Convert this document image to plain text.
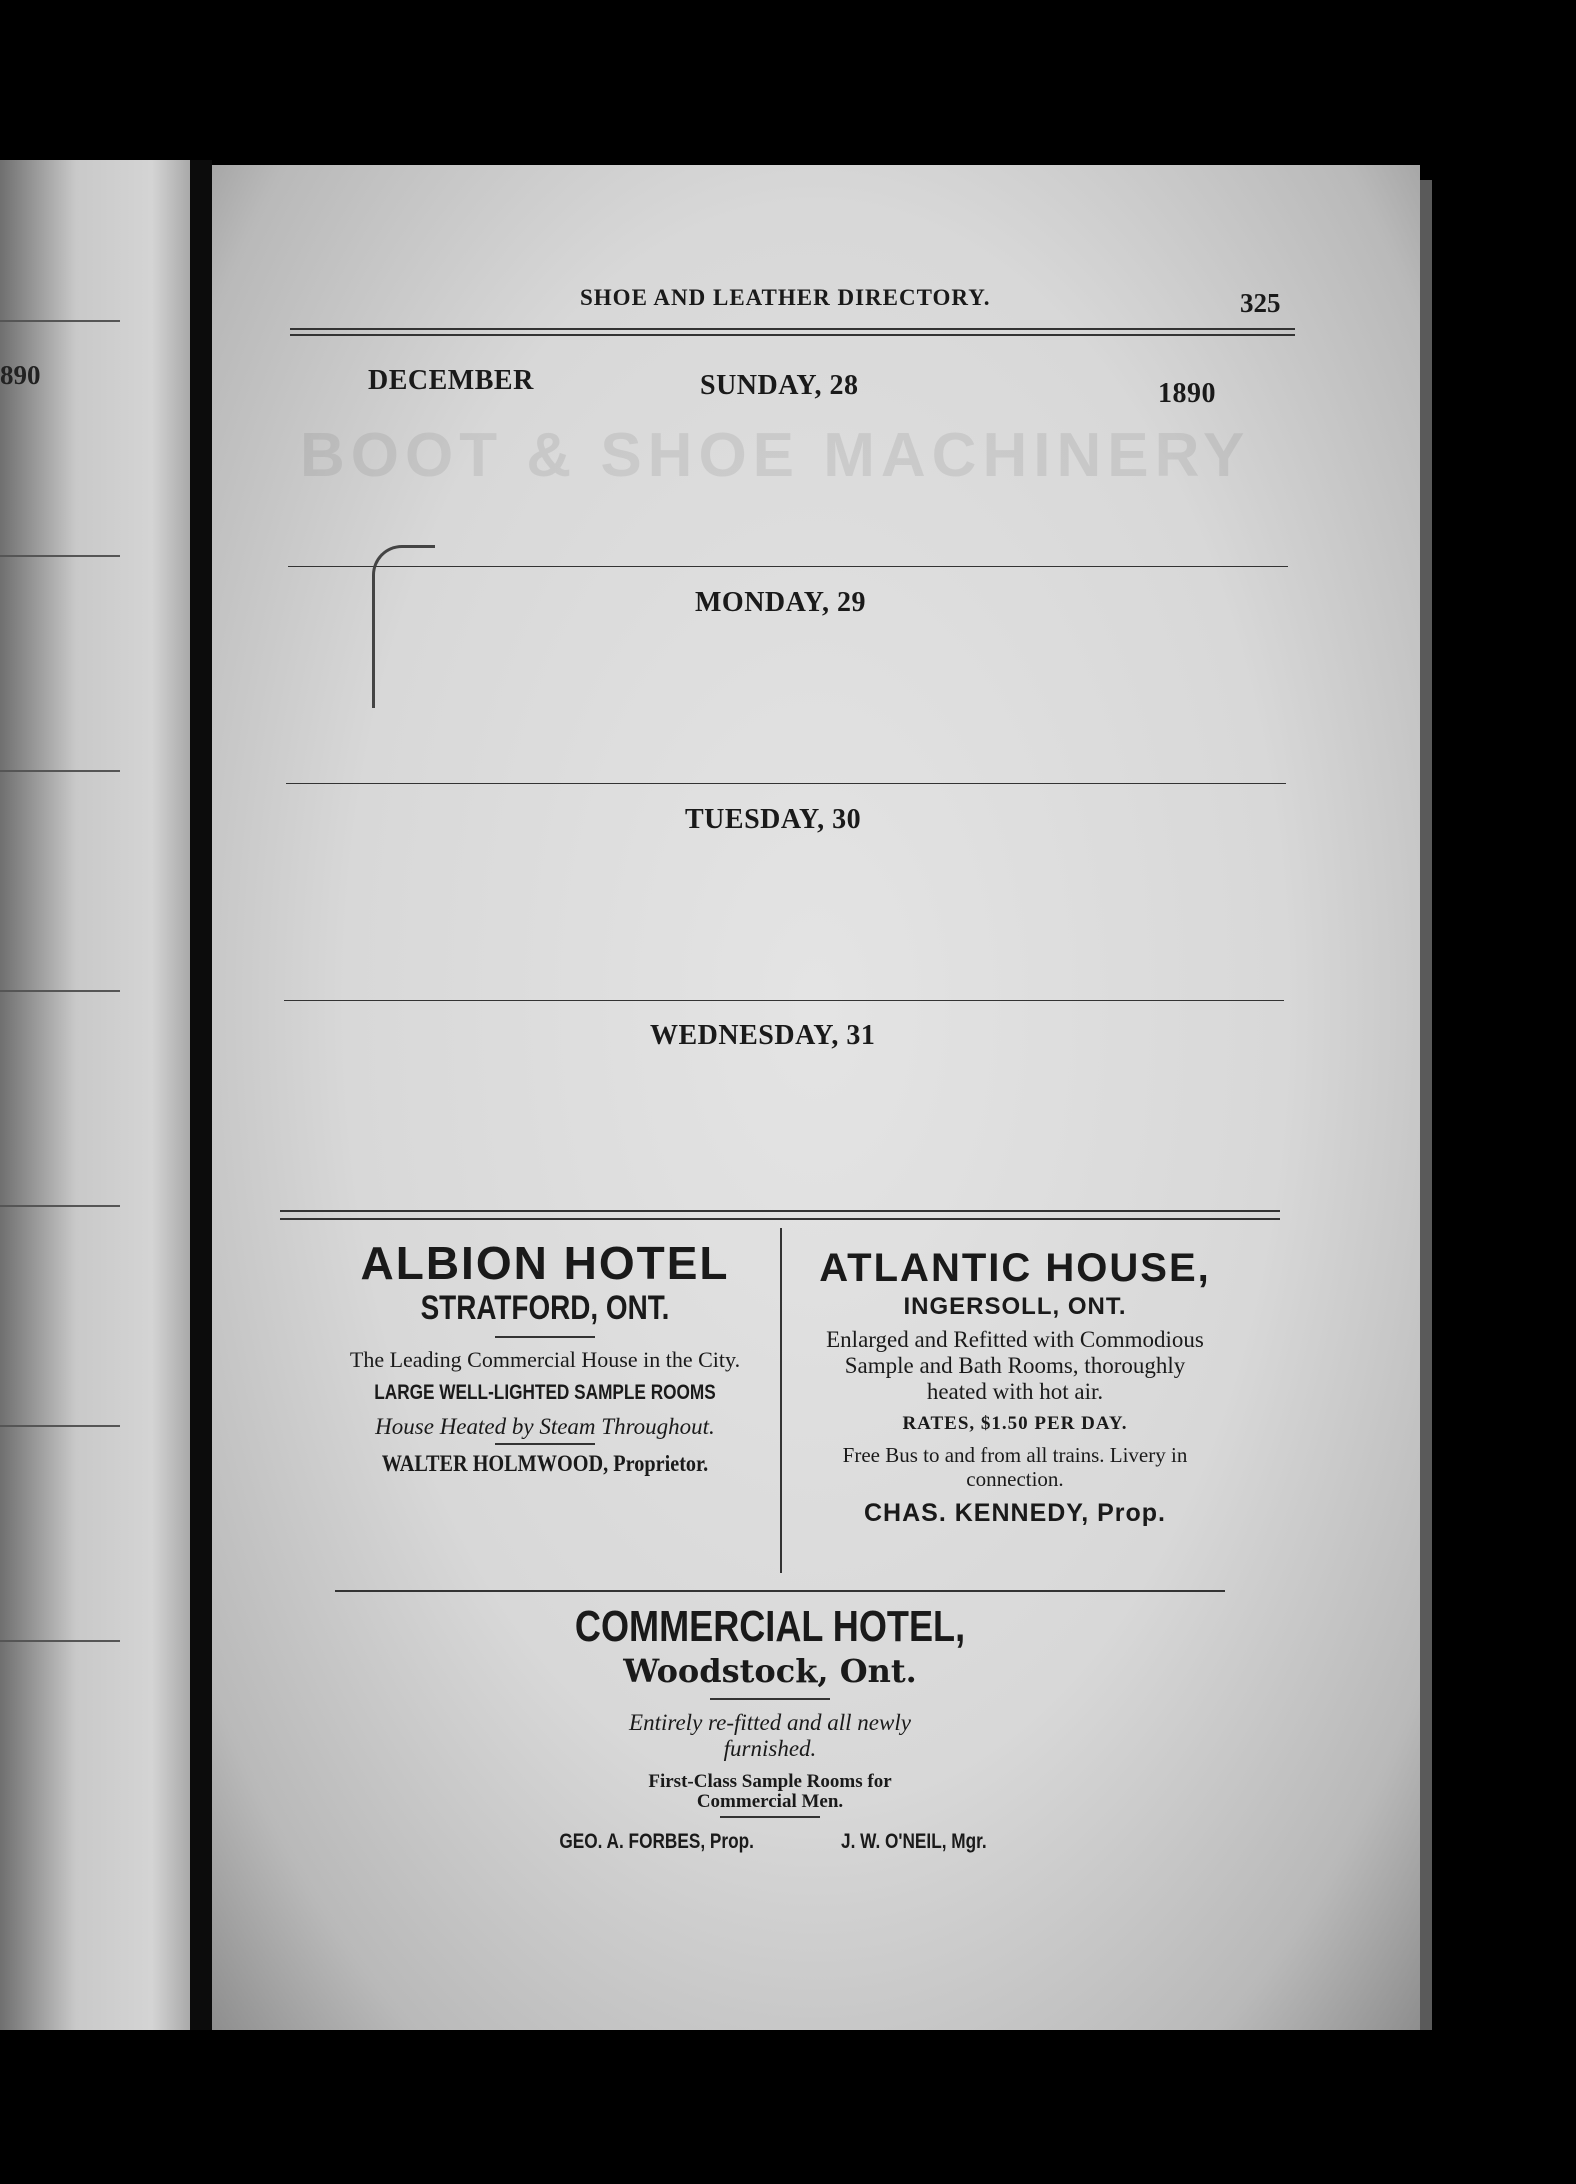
890
BOOT & SHOE MACHINERY
SHOE AND LEATHER DIRECTORY.	325
DECEMBER	SUNDAY, 28	1890
MONDAY, 29
TUESDAY, 30
WEDNESDAY, 31
ALBION HOTEL
STRATFORD, ONT.
The Leading Commercial House in the City.
LARGE WELL-LIGHTED SAMPLE ROOMS
House Heated by Steam Throughout.
WALTER HOLMWOOD, Proprietor.
ATLANTIC HOUSE,
INGERSOLL, ONT.
Enlarged and Refitted with Commodious Sample and Bath Rooms, thoroughly heated with hot air.
RATES, $1.50 PER DAY.
Free Bus to and from all trains. Livery in connection.
CHAS. KENNEDY, Prop.
COMMERCIAL HOTEL,
Woodstock, Ont.
Entirely re-fitted and all newly furnished.
First-Class Sample Rooms for Commercial Men.
GEO. A. FORBES, Prop.	J. W. O'NEIL, Mgr.
